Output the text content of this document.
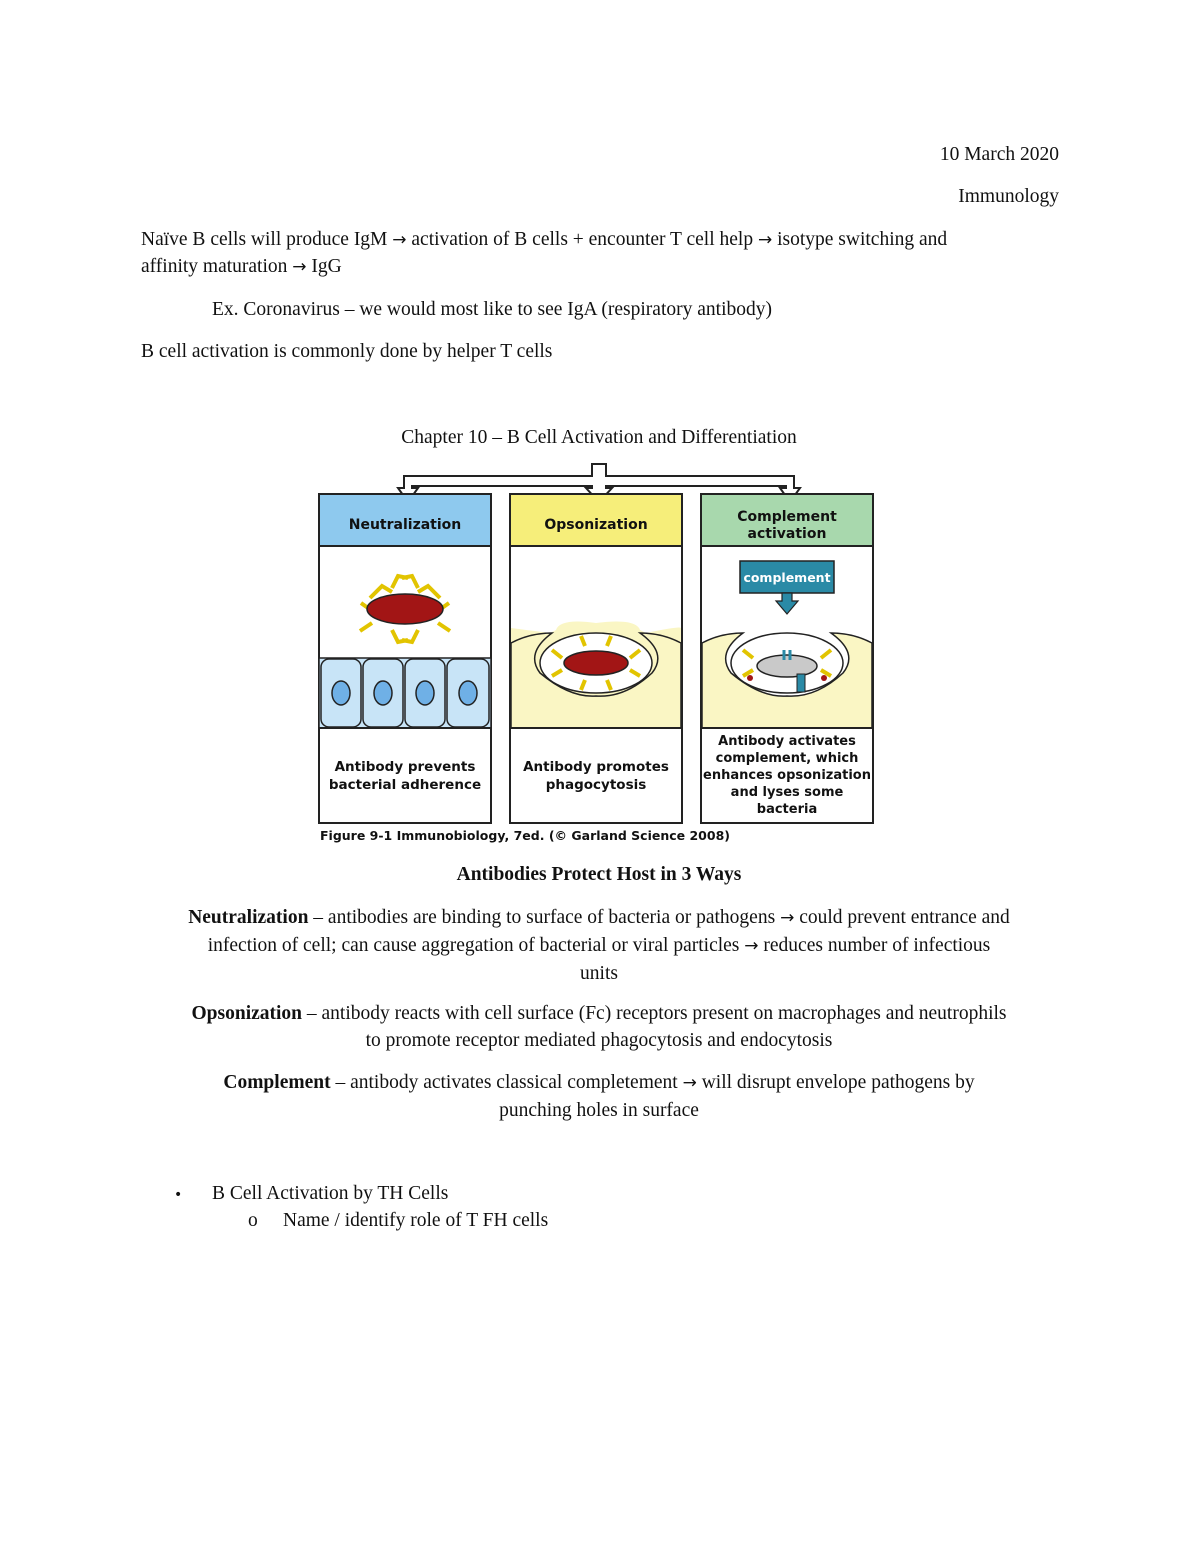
10 March 2020
Immunology
Naïve B cells will produce IgM → activation of B cells + encounter T cell help → isotype switching and
affinity maturation → IgG
Ex. Coronavirus – we would most like to see IgA (respiratory antibody)
B cell activation is commonly done by helper T cells
Chapter 10 – B Cell Activation and Differentiation
Neutralization
Antibody prevents
bacterial adherence
Opsonization
Antibody promotes
phagocytosis
Complement
activation
complement
Antibody activates
complement, which
enhances opsonization
and lyses some
bacteria
Figure 9-1 Immunobiology, 7ed. (© Garland Science 2008)
Antibodies Protect Host in 3 Ways
Neutralization – antibodies are binding to surface of bacteria or pathogens → could prevent entrance and
infection of cell; can cause aggregation of bacterial or viral particles → reduces number of infectious
units
Opsonization – antibody reacts with cell surface (Fc) receptors present on macrophages and neutrophils
to promote receptor mediated phagocytosis and endocytosis
Complement – antibody activates classical completement → will disrupt envelope pathogens by
punching holes in surface
• B Cell Activation by TH Cells
o Name / identify role of T FH cells
